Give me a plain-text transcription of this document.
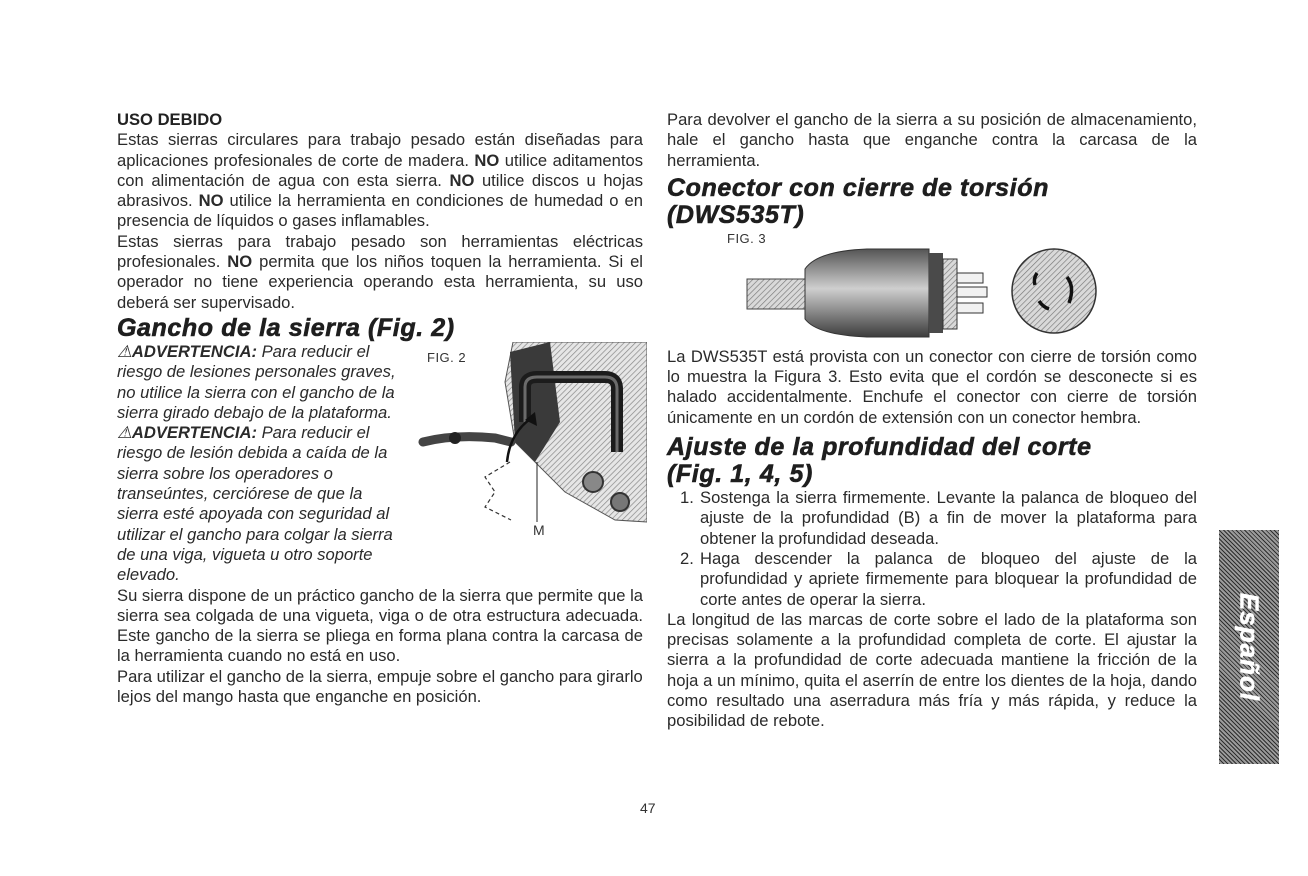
USO DEBIDO

Estas sierras circulares para trabajo pesado están diseñadas para aplicaciones profesionales de corte de madera. NO utilice aditamentos con alimentación de agua con esta sierra. NO utilice discos u hojas abrasivos. NO utilice la herramienta en condiciones de humedad o en presencia de líquidos o gases inflamables.

Estas sierras para trabajo pesado son herramientas eléctricas profesionales. NO permita que los niños toquen la herramienta. Si el operador no tiene experiencia operando esta herramienta, su uso deberá ser supervisado.

Gancho de la sierra (Fig. 2)

⚠ADVERTENCIA: Para reducir el riesgo de lesiones personales graves, no utilice la sierra con el gancho de la sierra girado debajo de la plataforma.

⚠ADVERTENCIA: Para reducir el riesgo de lesión debida a caída de la sierra sobre los operadores o transeúntes, cerciórese de que la sierra esté apoyada con seguridad al utilizar el gancho para colgar la sierra de una viga, vigueta u otro soporte elevado.

FIG. 2
M

Su sierra dispone de un práctico gancho de la sierra que permite que la sierra sea colgada de una vigueta, viga o de otra estructura adecuada. Este gancho de la sierra se pliega en forma plana contra la carcasa de la herramienta cuando no está en uso.

Para utilizar el gancho de la sierra, empuje sobre el gancho para girarlo lejos del mango hasta que enganche en posición.

Para devolver el gancho de la sierra a su posición de almacenamiento, hale el gancho hasta que enganche contra la carcasa de la herramienta.

Conector con cierre de torsión (DWS535T)
FIG. 3

La DWS535T está provista con un conector con cierre de torsión como lo muestra la Figura 3. Esto evita que el cordón se desconecte si es halado accidentalmente. Enchufe el conector con cierre de torsión únicamente en un cordón de extensión con un conector hembra.

Ajuste de la profundidad del corte (Fig. 1, 4, 5)
1. Sostenga la sierra firmemente. Levante la palanca de bloqueo del ajuste de la profundidad (B) a fin de mover la plataforma para obtener la profundidad deseada.
2. Haga descender la palanca de bloqueo del ajuste de la profundidad y apriete firmemente para bloquear la profundidad de corte antes de operar la sierra.

La longitud de las marcas de corte sobre el lado de la plataforma son precisas solamente a la profundidad completa de corte. El ajustar la sierra a la profundidad de corte adecuada mantiene la fricción de la hoja a un mínimo, quita el aserrín de entre los dientes de la hoja, dando como resultado una aserradura más fría y más rápida, y reduce la posibilidad de rebote.

47
Español
